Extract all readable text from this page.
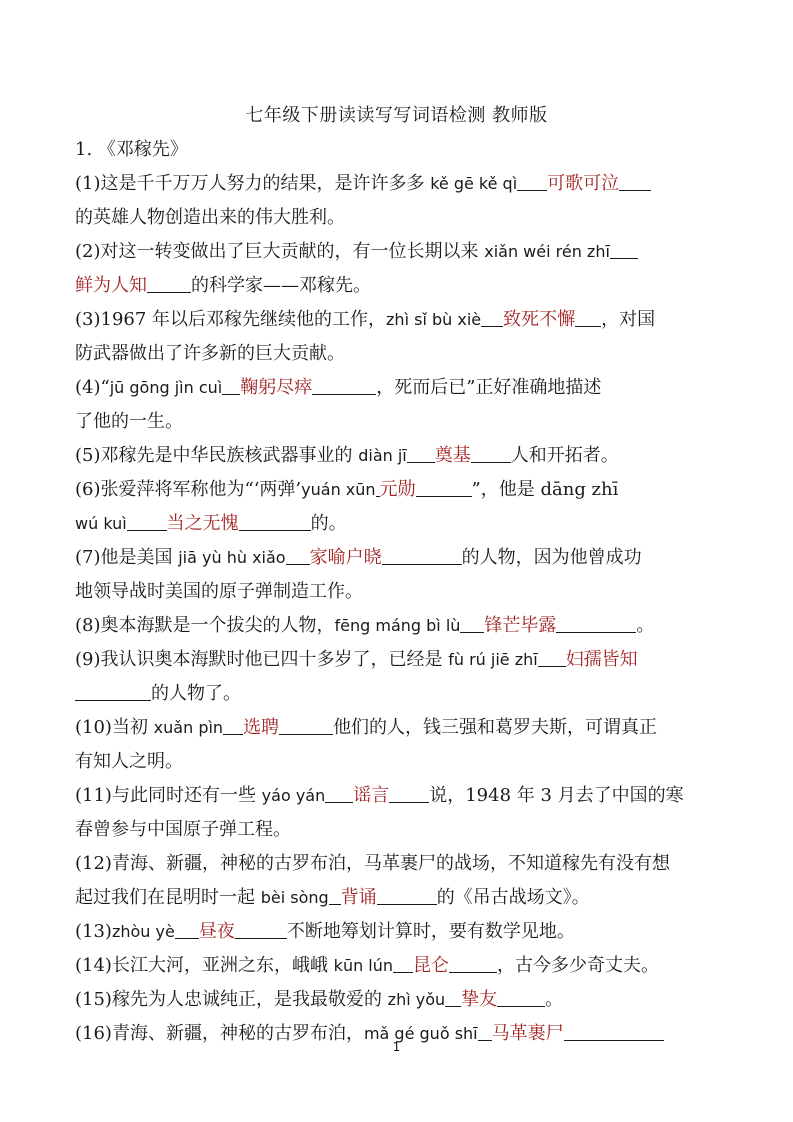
七年级下册读读写写词语检测 教师版
1. 《邓稼先》
(1)这是千千万万人努力的结果，是许许多多 kě gē kě qì 可歌可泣
的英雄人物创造出来的伟大胜利。
(2)对这一转变做出了巨大贡献的，有一位长期以来 xiǎn wéi rén zhī
鲜为人知 的科学家——邓稼先。
(3)1967 年以后邓稼先继续他的工作，zhì sǐ bù xiè 致死不懈 ，对国
防武器做出了许多新的巨大贡献。
(4)“jū gōng jìn cuì 鞠躬尽瘁	，死而后已”正好准确地描述
了他的一生。
(5)邓稼先是中华民族核武器事业的 diàn jī 奠基 人和开拓者。
(6)张爱萍将军称他为“‘两弹’yuán xūn 元勋	”，他是 dāng zhī
wú kuì 当之无愧	的。
(7)他是美国 jiā yù hù xiǎo 家喻户晓	的人物，因为他曾成功
地领导战时美国的原子弹制造工作。
(8)奥本海默是一个拔尖的人物，fēng máng bì lù 锋芒毕露	。
(9)我认识奥本海默时他已四十多岁了，已经是 fù rú jiē zhī 妇孺皆知
的人物了。
(10)当初 xuǎn pìn 选聘	他们的人，钱三强和葛罗夫斯，可谓真正
有知人之明。
(11)与此同时还有一些 yáo yán 谣言 说，1948 年 3 月去了中国的寒
春曾参与中国原子弹工程。
(12)青海、新疆，神秘的古罗布泊，马革裹尸的战场，不知道稼先有没有想
起过我们在昆明时一起 bèi sòng 背诵	的《吊古战场文》。
(13)zhòu yè 昼夜	不断地筹划计算时，要有数学见地。
(14)长江大河，亚洲之东，峨峨 kūn lún 昆仑	，古今多少奇丈夫。
(15)稼先为人忠诚纯正，是我最敬爱的 zhì yǒu 挚友	。
(16)青海、新疆，神秘的古罗布泊，mǎ gé guǒ shī 马革裹尸
1
